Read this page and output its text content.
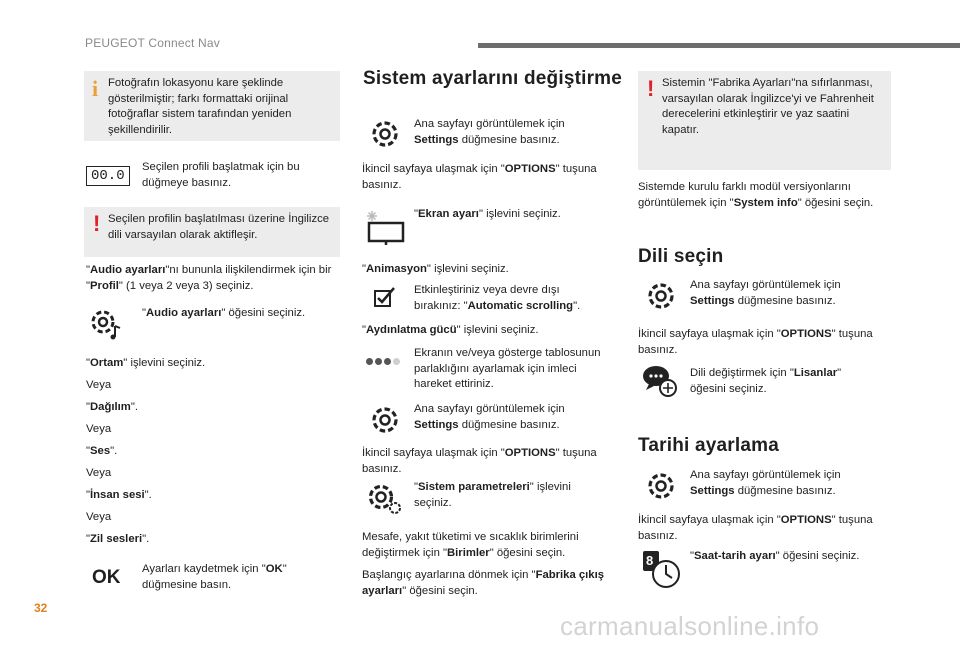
PEUGEOT Connect Nav
i Fotoğrafın lokasyonu kare şeklinde gösterilmiştir; farkı formattaki orijinal fotoğraflar sistem tarafından yeniden şekillendirilir.
00.0
Seçilen profili başlatmak için bu düğmeye basınız.
! Seçilen profilin başlatılması üzerine İngilizce dili varsayılan olarak aktifleşir.
"Audio ayarları"nı bununla ilişkilendirmek için bir "Profil" (1 veya 2 veya 3) seçiniz.
"Audio ayarları" öğesini seçiniz.
"Ortam" işlevini seçiniz.
Veya
"Dağılım".
Veya
"Ses".
Veya
"İnsan sesi".
Veya
"Zil sesleri".
OK Ayarları kaydetmek için "OK" düğmesine basın.
Sistem ayarlarını değiştirme
Ana sayfayı görüntülemek için
Settings düğmesine basınız.
İkincil sayfaya ulaşmak için "OPTIONS" tuşuna basınız.
"Ekran ayarı" işlevini seçiniz.
"Animasyon" işlevini seçiniz.
Etkinleştiriniz veya devre dışı bırakınız: "Automatic scrolling".
"Aydınlatma gücü" işlevini seçiniz.
Ekranın ve/veya gösterge tablosunun parlaklığını ayarlamak için imleci hareket ettiriniz.
Ana sayfayı görüntülemek için
Settings düğmesine basınız.
İkincil sayfaya ulaşmak için "OPTIONS" tuşuna basınız.
"Sistem parametreleri" işlevini seçiniz.
Mesafe, yakıt tüketimi ve sıcaklık birimlerini değiştirmek için "Birimler" öğesini seçin.
Başlangıç ayarlarına dönmek için "Fabrika çıkış ayarları" öğesini seçin.
! Sistemin "Fabrika Ayarları"na sıfırlanması, varsayılan olarak İngilizce'yi ve Fahrenheit derecelerini etkinleştirir ve yaz saatini kapatır.
Sistemde kurulu farklı modül versiyonlarını görüntülemek için "System info" öğesini seçin.
Dili seçin
Ana sayfayı görüntülemek için
Settings düğmesine basınız.
İkincil sayfaya ulaşmak için "OPTIONS" tuşuna basınız.
Dili değiştirmek için "Lisanlar" öğesini seçiniz.
Tarihi ayarlama
Ana sayfayı görüntülemek için
Settings düğmesine basınız.
İkincil sayfaya ulaşmak için "OPTIONS" tuşuna basınız.
8	"Saat-tarih ayarı" öğesini seçiniz.
32
carmanualsonline.info
